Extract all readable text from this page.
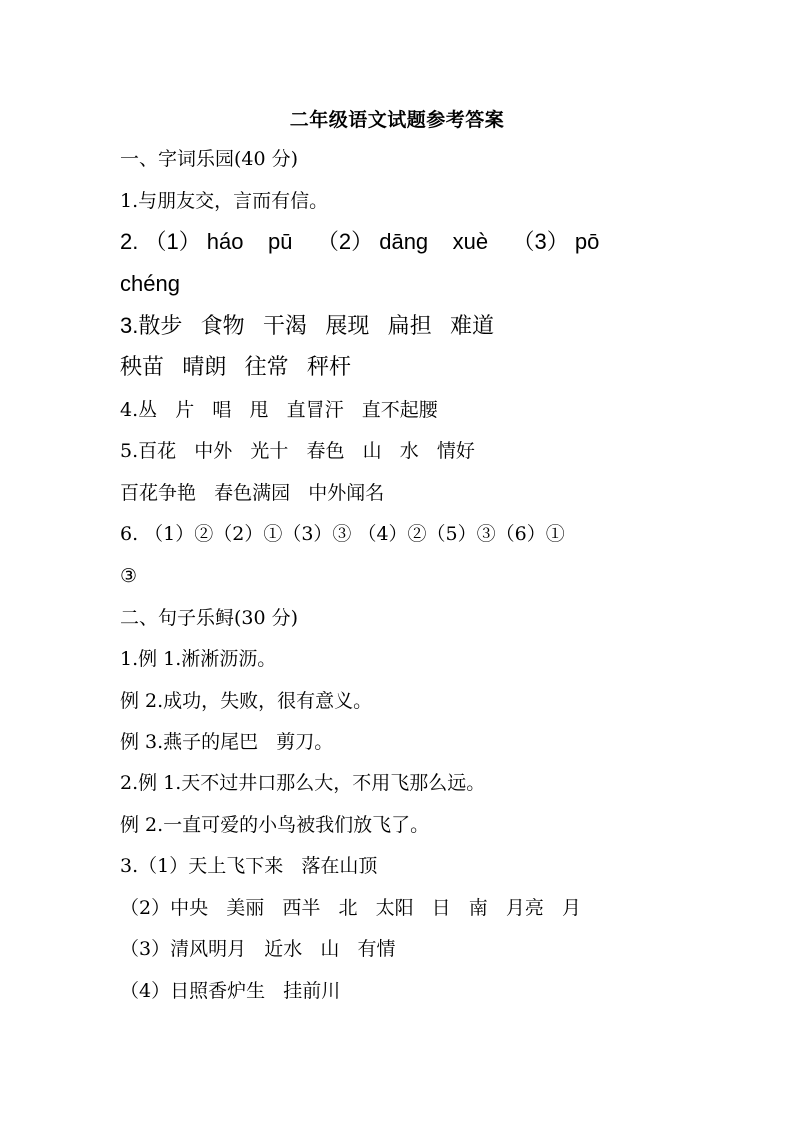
二年级语文试题参考答案
一、字词乐园(40 分)
1.与朋友交，言而有信。
2. （1） háo    pū    （2） dāng    xuè    （3） pō
chéng
3.散步   食物   干渴   展现   扁担   难道
秧苗   晴朗   往常   秤杆
4.丛   片   唱   甩   直冒汗   直不起腰
5.百花   中外   光十   春色   山   水   情好
百花争艳   春色满园   中外闻名
6. （1）②（2）①（3）③ （4）②（5）③（6）①
③
二、句子乐鲟(30 分)
1.例 1.淅淅沥沥。
例 2.成功，失败，很有意义。
例 3.燕子的尾巴   剪刀。
2.例 1.天不过井口那么大，不用飞那么远。
例 2.一直可爱的小鸟被我们放飞了。
3.（1）天上飞下来   落在山顶
（2）中央   美丽   西半   北   太阳   日   南   月亮   月
（3）清风明月   近水   山   有情
（4）日照香炉生   挂前川
